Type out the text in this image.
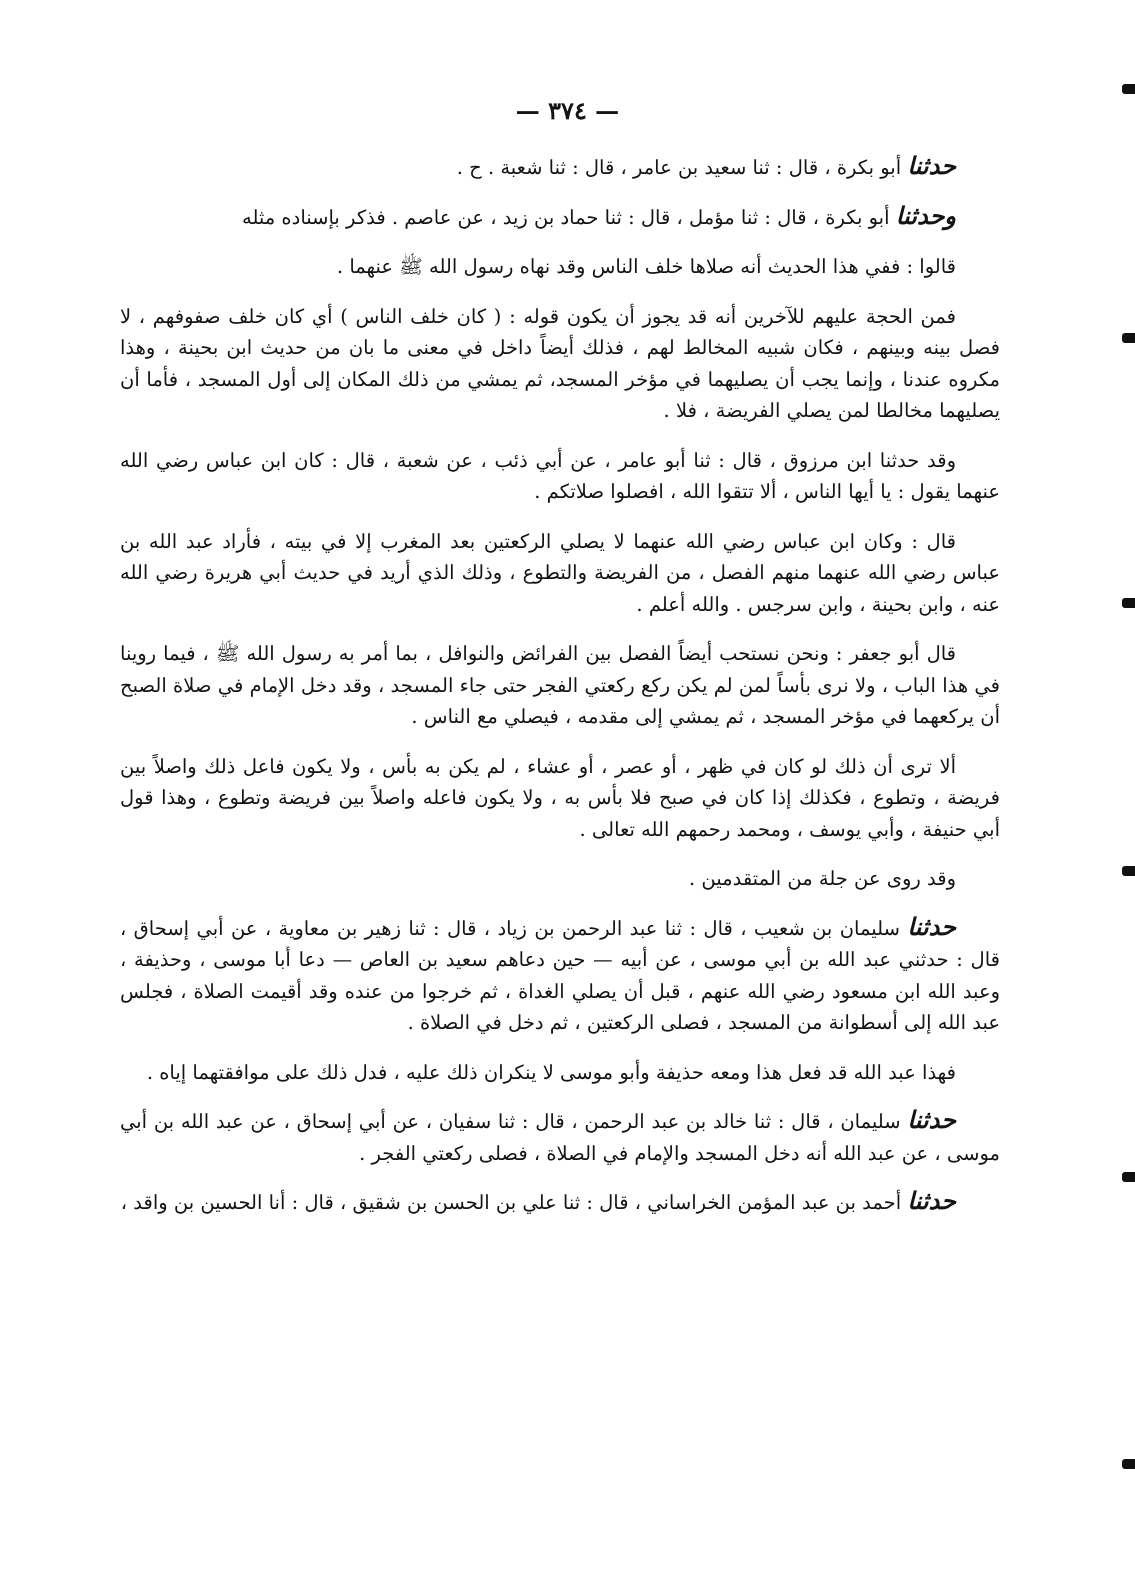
— ٣٧٤ —

حدثنا أبو بكرة ، قال : ثنا سعيد بن عامر ، قال : ثنا شعبة . ح .

وحدثنا أبو بكرة ، قال : ثنا مؤمل ، قال : ثنا حماد بن زيد ، عن عاصم . فذكر بإسناده مثله

قالوا : ففي هذا الحديث أنه صلاها خلف الناس وقد نهاه رسول الله ﷺ عنهما .

فمن الحجة عليهم للآخرين أنه قد يجوز أن يكون قوله : ( كان خلف الناس ) أي كان خلف صفوفهم ، لا فصل بينه وبينهم ، فكان شبيه المخالط لهم ، فذلك أيضاً داخل في معنى ما بان من حديث ابن بحينة ، وهذا مكروه عندنا ، وإنما يجب أن يصليهما في مؤخر المسجد، ثم يمشي من ذلك المكان إلى أول المسجد ، فأما أن يصليهما مخالطا لمن يصلي الفريضة ، فلا .

وقد حدثنا ابن مرزوق ، قال : ثنا أبو عامر ، عن أبي ذئب ، عن شعبة ، قال : كان ابن عباس رضي الله عنهما يقول : يا أيها الناس ، ألا تتقوا الله ، افصلوا صلاتكم .

قال : وكان ابن عباس رضي الله عنهما لا يصلي الركعتين بعد المغرب إلا في بيته ، فأراد عبد الله بن عباس رضي الله عنهما منهم الفصل ، من الفريضة والتطوع ، وذلك الذي أريد في حديث أبي هريرة رضي الله عنه ، وابن بحينة ، وابن سرجس . والله أعلم .

قال أبو جعفر : ونحن نستحب أيضاً الفصل بين الفرائض والنوافل ، بما أمر به رسول الله ﷺ ، فيما روينا في هذا الباب ، ولا نرى بأساً لمن لم يكن ركع ركعتي الفجر حتى جاء المسجد ، وقد دخل الإمام في صلاة الصبح أن يركعهما في مؤخر المسجد ، ثم يمشي إلى مقدمه ، فيصلي مع الناس .

ألا ترى أن ذلك لو كان في ظهر ، أو عصر ، أو عشاء ، لم يكن به بأس ، ولا يكون فاعل ذلك واصلاً بين فريضة ، وتطوع ، فكذلك إذا كان في صبح فلا بأس به ، ولا يكون فاعله واصلاً بين فريضة وتطوع ، وهذا قول أبي حنيفة ، وأبي يوسف ، ومحمد رحمهم الله تعالى .

وقد روى عن جلة من المتقدمين .

حدثنا سليمان بن شعيب ، قال : ثنا عبد الرحمن بن زياد ، قال : ثنا زهير بن معاوية ، عن أبي إسحاق ، قال : حدثني عبد الله بن أبي موسى ، عن أبيه — حين دعاهم سعيد بن العاص — دعا أبا موسى ، وحذيفة ، وعبد الله ابن مسعود رضي الله عنهم ، قبل أن يصلي الغداة ، ثم خرجوا من عنده وقد أقيمت الصلاة ، فجلس عبد الله إلى أسطوانة من المسجد ، فصلى الركعتين ، ثم دخل في الصلاة .

فهذا عبد الله قد فعل هذا ومعه حذيفة وأبو موسى لا ينكران ذلك عليه ، فدل ذلك على موافقتهما إياه .

حدثنا سليمان ، قال : ثنا خالد بن عبد الرحمن ، قال : ثنا سفيان ، عن أبي إسحاق ، عن عبد الله بن أبي موسى ، عن عبد الله أنه دخل المسجد والإمام في الصلاة ، فصلى ركعتي الفجر .

حدثنا أحمد بن عبد المؤمن الخراساني ، قال : ثنا علي بن الحسن بن شقيق ، قال : أنا الحسين بن واقد ،
